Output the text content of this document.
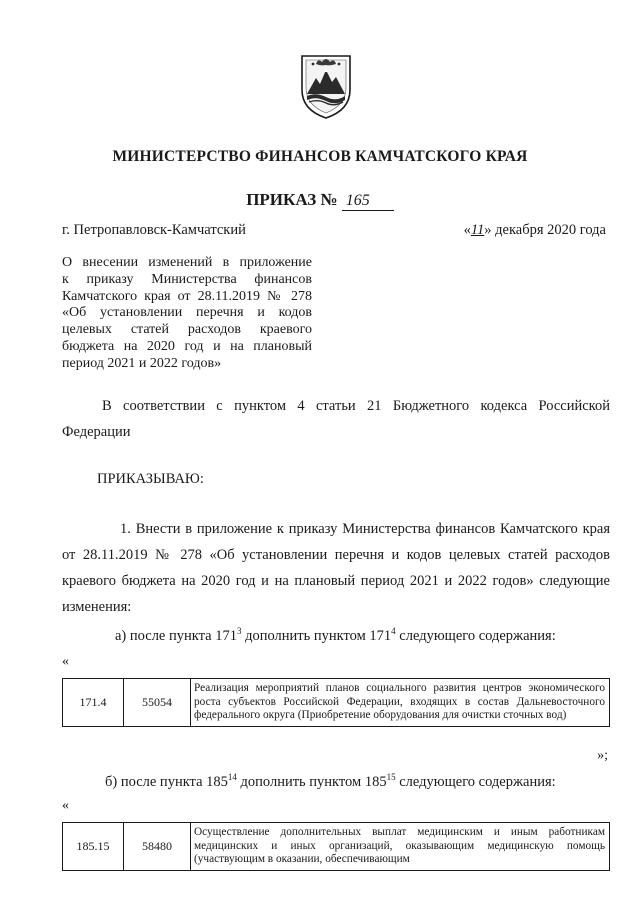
МИНИСТЕРСТВО ФИНАНСОВ КАМЧАТСКОГО КРАЯ
ПРИКАЗ № 165
г. Петропавловск-Камчатский	«11» декабря 2020 года
О внесении изменений в приложение
к приказу Министерства финансов
Камчатского края от 28.11.2019 № 278
«Об установлении перечня и кодов
целевых статей расходов краевого
бюджета на 2020 год и на плановый
период 2021 и 2022 годов»
В соответствии с пунктом 4 статьи 21 Бюджетного кодекса Российской Федерации
ПРИКАЗЫВАЮ:
1. Внести в приложение к приказу Министерства финансов Камчатского края от 28.11.2019 № 278 «Об установлении перечня и кодов целевых статей расходов краевого бюджета на 2020 год и на плановый период 2021 и 2022 годов» следующие изменения:
а) после пункта $171^3$ дополнить пунктом $171^4$ следующего содержания:
«
171.4	55054	Реализация мероприятий планов социального развития центров экономического роста субъектов Российской Федерации, входящих в состав Дальневосточного федерального округа (Приобретение оборудования для очистки сточных вод)
»;
б) после пункта $185^{14}$ дополнить пунктом $185^{15}$ следующего содержания:
«
185.15	58480	Осуществление дополнительных выплат медицинским и иным работникам медицинских и иных организаций, оказывающим медицинскую помощь (участвующим в оказании, обеспечивающим
